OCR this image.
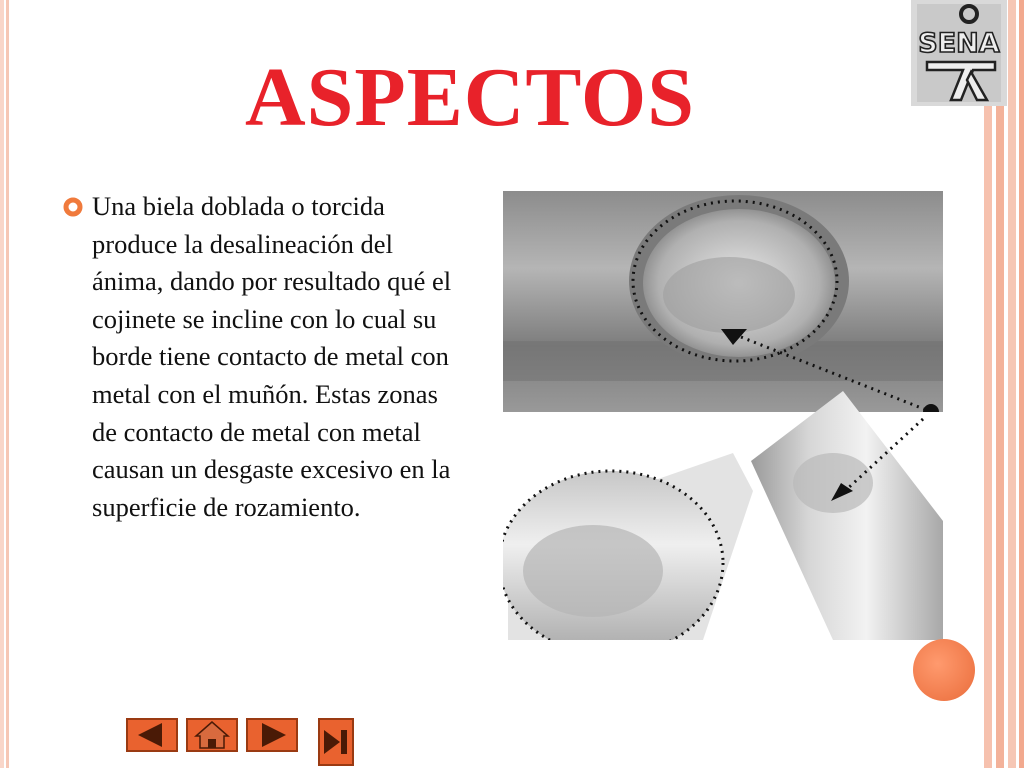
ASPECTOS
SENA

Una biela doblada o torcida produce la desalineación del ánima, dando por resultado qué el cojinete se incline con lo cual su borde tiene contacto de metal con metal con el muñón. Estas zonas de contacto de metal con metal causan un desgaste excesivo en la superficie de rozamiento.
